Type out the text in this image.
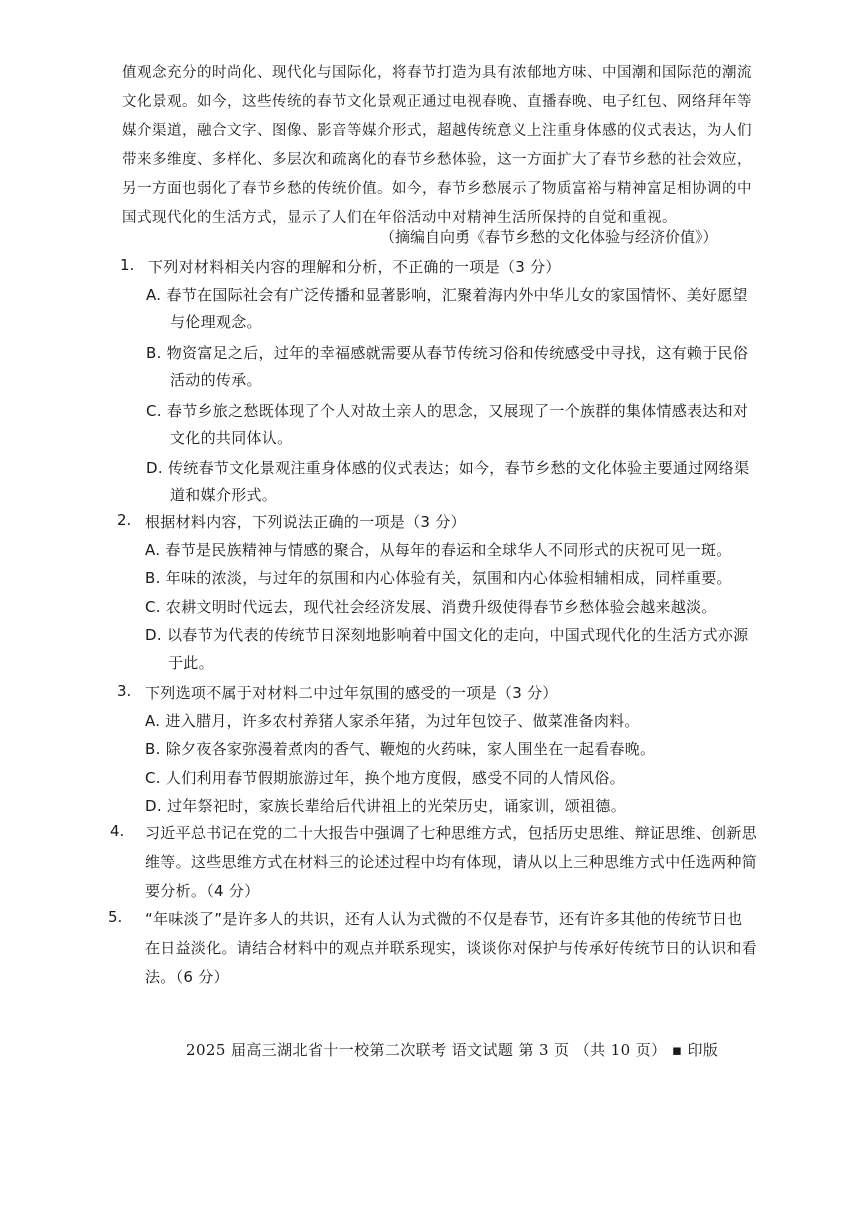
值观念充分的时尚化、现代化与国际化，将春节打造为具有浓郁地方味、中国潮和国际范的潮流
文化景观。如今，这些传统的春节文化景观正通过电视春晚、直播春晚、电子红包、网络拜年等
媒介渠道，融合文字、图像、影音等媒介形式，超越传统意义上注重身体感的仪式表达，为人们
带来多维度、多样化、多层次和疏离化的春节乡愁体验，这一方面扩大了春节乡愁的社会效应，
另一方面也弱化了春节乡愁的传统价值。如今，春节乡愁展示了物质富裕与精神富足相协调的中
国式现代化的生活方式，显示了人们在年俗活动中对精神生活所保持的自觉和重视。
（摘编自向勇《春节乡愁的文化体验与经济价值》）
1. 下列对材料相关内容的理解和分析，不正确的一项是（3 分）
A. 春节在国际社会有广泛传播和显著影响，汇聚着海内外中华儿女的家国情怀、美好愿望
与伦理观念。
B. 物资富足之后，过年的幸福感就需要从春节传统习俗和传统感受中寻找，这有赖于民俗
活动的传承。
C. 春节乡旅之愁既体现了个人对故土亲人的思念，又展现了一个族群的集体情感表达和对
文化的共同体认。
D. 传统春节文化景观注重身体感的仪式表达；如今，春节乡愁的文化体验主要通过网络渠
道和媒介形式。
2. 根据材料内容，下列说法正确的一项是（3 分）
A. 春节是民族精神与情感的聚合，从每年的春运和全球华人不同形式的庆祝可见一斑。
B. 年味的浓淡，与过年的氛围和内心体验有关，氛围和内心体验相辅相成，同样重要。
C. 农耕文明时代远去，现代社会经济发展、消费升级使得春节乡愁体验会越来越淡。
D. 以春节为代表的传统节日深刻地影响着中国文化的走向，中国式现代化的生活方式亦源
于此。
3. 下列选项不属于对材料二中过年氛围的感受的一项是（3 分）
A. 进入腊月，许多农村养猪人家杀年猪，为过年包饺子、做菜准备肉料。
B. 除夕夜各家弥漫着煮肉的香气、鞭炮的火药味，家人围坐在一起看春晚。
C. 人们利用春节假期旅游过年，换个地方度假，感受不同的人情风俗。
D. 过年祭祀时，家族长辈给后代讲祖上的光荣历史，诵家训，颂祖德。
4. 习近平总书记在党的二十大报告中强调了七种思维方式，包括历史思维、辩证思维、创新思
维等。这些思维方式在材料三的论述过程中均有体现，请从以上三种思维方式中任选两种简
要分析。（4 分）
5. “年味淡了”是许多人的共识，还有人认为式微的不仅是春节，还有许多其他的传统节日也
在日益淡化。请结合材料中的观点并联系现实，谈谈你对保护与传承好传统节日的认识和看
法。（6 分）
2025 届高三湖北省十一校第二次联考 语文试题 第 3 页 （共 10 页） ▪ 印版
